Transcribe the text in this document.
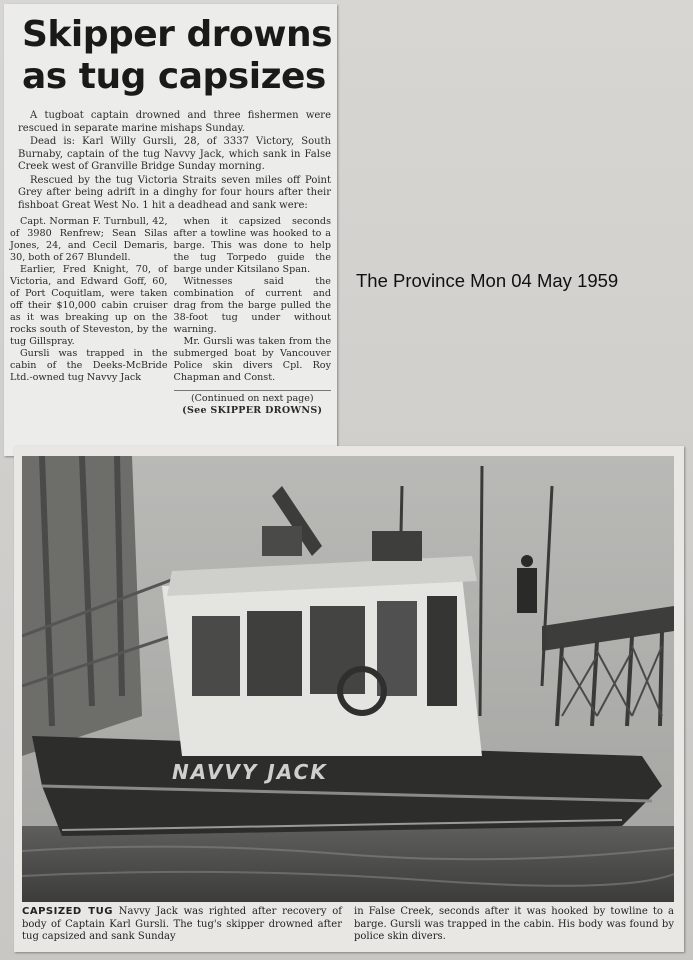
Skipper drowns as tug capsizes

A tugboat captain drowned and three fishermen were rescued in separate marine mishaps Sunday.

Dead is: Karl Willy Gursli, 28, of 3337 Victory, South Burnaby, captain of the tug Navvy Jack, which sank in False Creek west of Granville Bridge Sunday morning.

Rescued by the tug Victoria Straits seven miles off Point Grey after being adrift in a dinghy for four hours after their fishboat Great West No. 1 hit a deadhead and sank were:

Capt. Norman F. Turnbull, 42, of 3980 Renfrew; Sean Silas Jones, 24, and Cecil Demaris, 30, both of 267 Blundell.

Earlier, Fred Knight, 70, of Victoria, and Edward Goff, 60, of Port Coquitlam, were taken off their $10,000 cabin cruiser as it was breaking up on the rocks south of Steveston, by the tug Gillspray.

Gursli was trapped in the cabin of the Deeks-McBride Ltd.-owned tug Navvy Jack

when it capsized seconds after a towline was hooked to a barge. This was done to help the tug Torpedo guide the barge under Kitsilano Span.

Witnesses said the combination of current and drag from the barge pulled the 38-foot tug under without warning.

Mr. Gursli was taken from the submerged boat by Vancouver Police skin divers Cpl. Roy Chapman and Const.

(Continued on next page)

(See SKIPPER DROWNS)

The Province Mon 04 May 1959
NAVVY JACK
CAPSIZED TUG Navvy Jack was righted after recovery of body of Captain Karl Gursli. The tug's skipper drowned after tug capsized and sank Sunday
in False Creek, seconds after it was hooked by towline to a barge. Gursli was trapped in the cabin. His body was found by police skin divers.
